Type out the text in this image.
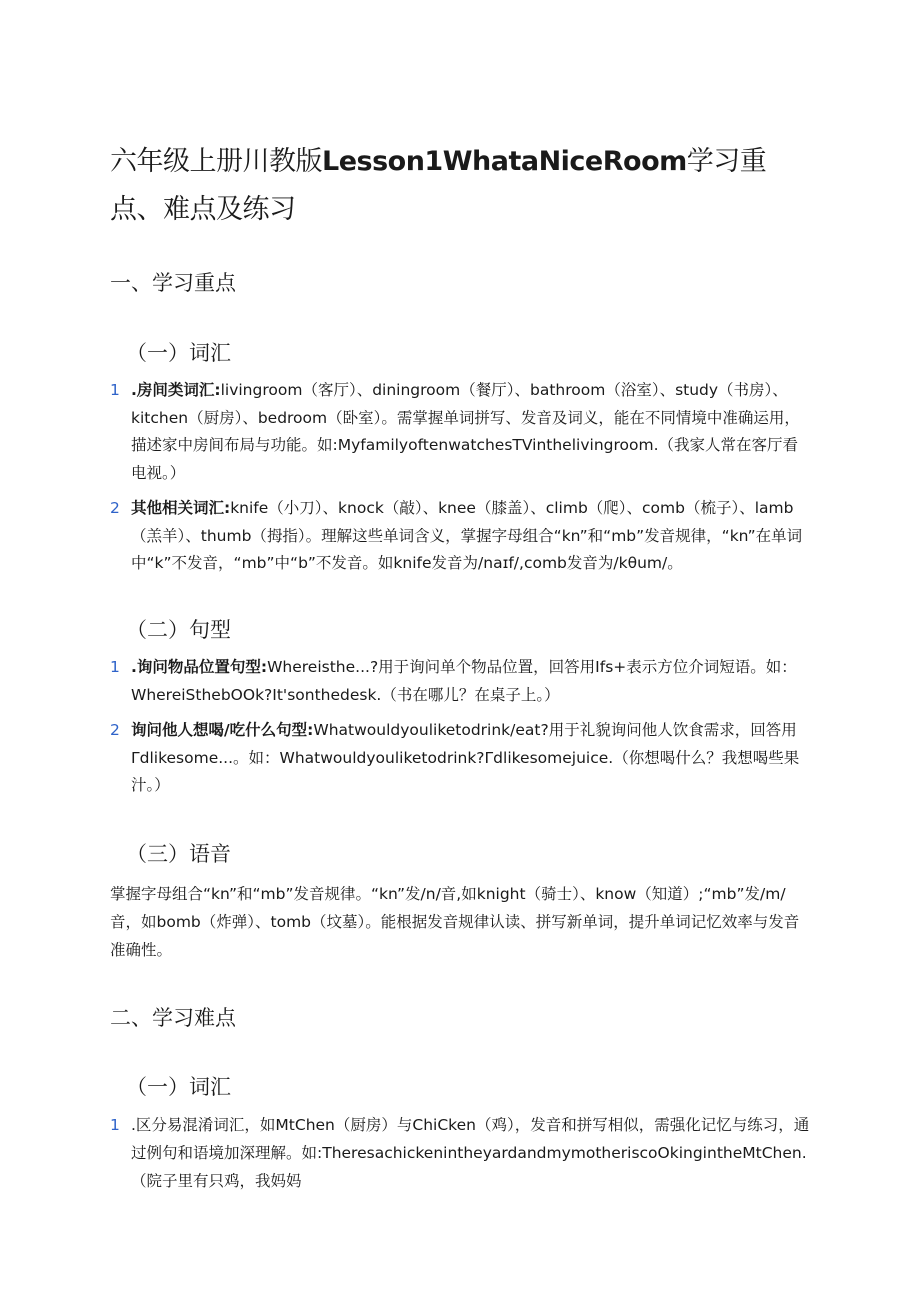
六年级上册川教版Lesson1WhataNiceRoom学习重点、难点及练习
一、学习重点
（一）词汇
1 .房间类词汇:livingroom（客厅）、diningroom（餐厅）、bathroom（浴室）、study（书房）、kitchen（厨房）、bedroom（卧室）。需掌握单词拼写、发音及词义，能在不同情境中准确运用，描述家中房间布局与功能。如:MyfamilyoftenwatchesTVinthelivingroom.（我家人常在客厅看电视。）
2 其他相关词汇:knife（小刀）、knock（敲）、knee（膝盖）、climb（爬）、comb（梳子）、lamb（羔羊）、thumb（拇指）。理解这些单词含义，掌握字母组合“kn”和“mb”发音规律，“kn”在单词中“k”不发音，“mb”中“b”不发音。如knife发音为/naɪf/,comb发音为/kθum/。
（二）句型
1 .询问物品位置句型:Whereisthe...?用于询问单个物品位置，回答用Ifs+表示方位介词短语。如：WhereiSthebOOk?It'sonthedesk.（书在哪儿？在桌子上。）
2 询问他人想喝/吃什么句型:Whatwouldyouliketodrink/eat?用于礼貌询问他人饮食需求，回答用Γdlikesome...。如：Whatwouldyouliketodrink?Γdlikesomejuice.（你想喝什么？我想喝些果汁。）
（三）语音
掌握字母组合“kn”和“mb”发音规律。“kn”发/n/音,如knight（骑士）、know（知道）;“mb”发/m/音，如bomb（炸弹）、tomb（坟墓）。能根据发音规律认读、拼写新单词，提升单词记忆效率与发音准确性。
二、学习难点
（一）词汇
1 .区分易混淆词汇，如MtChen（厨房）与ChiCken（鸡），发音和拼写相似，需强化记忆与练习，通过例句和语境加深理解。如:TheresachickenintheyardandmymotheriscoOkingintheMtChen.（院子里有只鸡，我妈妈
